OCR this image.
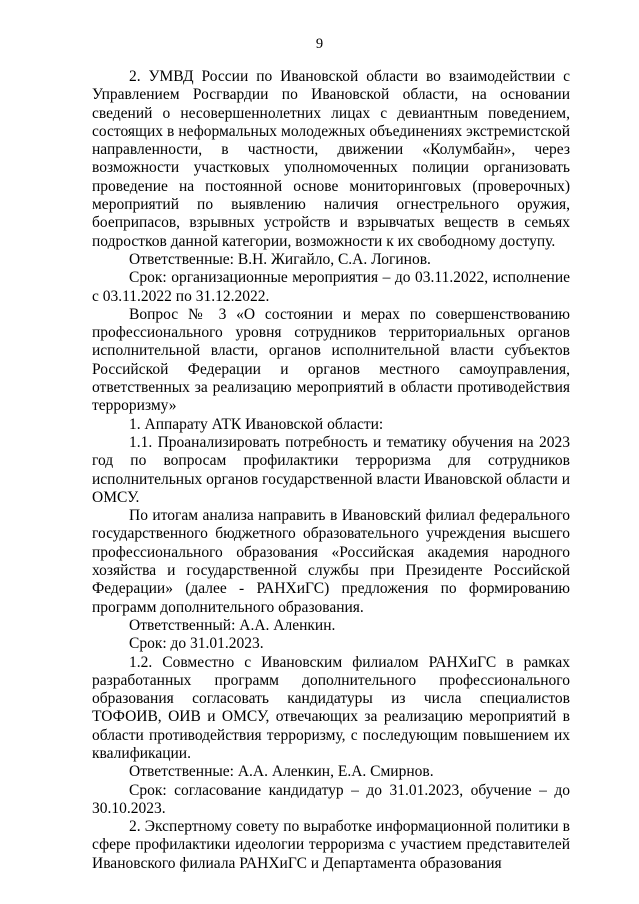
9

2. УМВД России по Ивановской области во взаимодействии с Управлением Росгвардии по Ивановской области, на основании сведений о несовершеннолетних лицах с девиантным поведением, состоящих в неформальных молодежных объединениях экстремистской направленности, в частности, движении «Колумбайн», через возможности участковых уполномоченных полиции организовать проведение на постоянной основе мониторинговых (проверочных) мероприятий по выявлению наличия огнестрельного оружия, боеприпасов, взрывных устройств и взрывчатых веществ в семьях подростков данной категории, возможности к их свободному доступу.

Ответственные: В.Н. Жигайло, С.А. Логинов.

Срок: организационные мероприятия – до 03.11.2022, исполнение с 03.11.2022 по 31.12.2022.

Вопрос № 3 «О состоянии и мерах по совершенствованию профессионального уровня сотрудников территориальных органов исполнительной власти, органов исполнительной власти субъектов Российской Федерации и органов местного самоуправления, ответственных за реализацию мероприятий в области противодействия терроризму»

1. Аппарату АТК Ивановской области:

1.1. Проанализировать потребность и тематику обучения на 2023 год по вопросам профилактики терроризма для сотрудников исполнительных органов государственной власти Ивановской области и ОМСУ.

По итогам анализа направить в Ивановский филиал федерального государственного бюджетного образовательного учреждения высшего профессионального образования «Российская академия народного хозяйства и государственной службы при Президенте Российской Федерации» (далее - РАНХиГС) предложения по формированию программ дополнительного образования.

Ответственный: А.А. Аленкин.

Срок: до 31.01.2023.

1.2. Совместно с Ивановским филиалом РАНХиГС в рамках разработанных программ дополнительного профессионального образования согласовать кандидатуры из числа специалистов ТОФОИВ, ОИВ и ОМСУ, отвечающих за реализацию мероприятий в области противодействия терроризму, с последующим повышением их квалификации.

Ответственные: А.А. Аленкин, Е.А. Смирнов.

Срок: согласование кандидатур – до 31.01.2023, обучение – до 30.10.2023.

2. Экспертному совету по выработке информационной политики в сфере профилактики идеологии терроризма с участием представителей Ивановского филиала РАНХиГС и Департамента образования
